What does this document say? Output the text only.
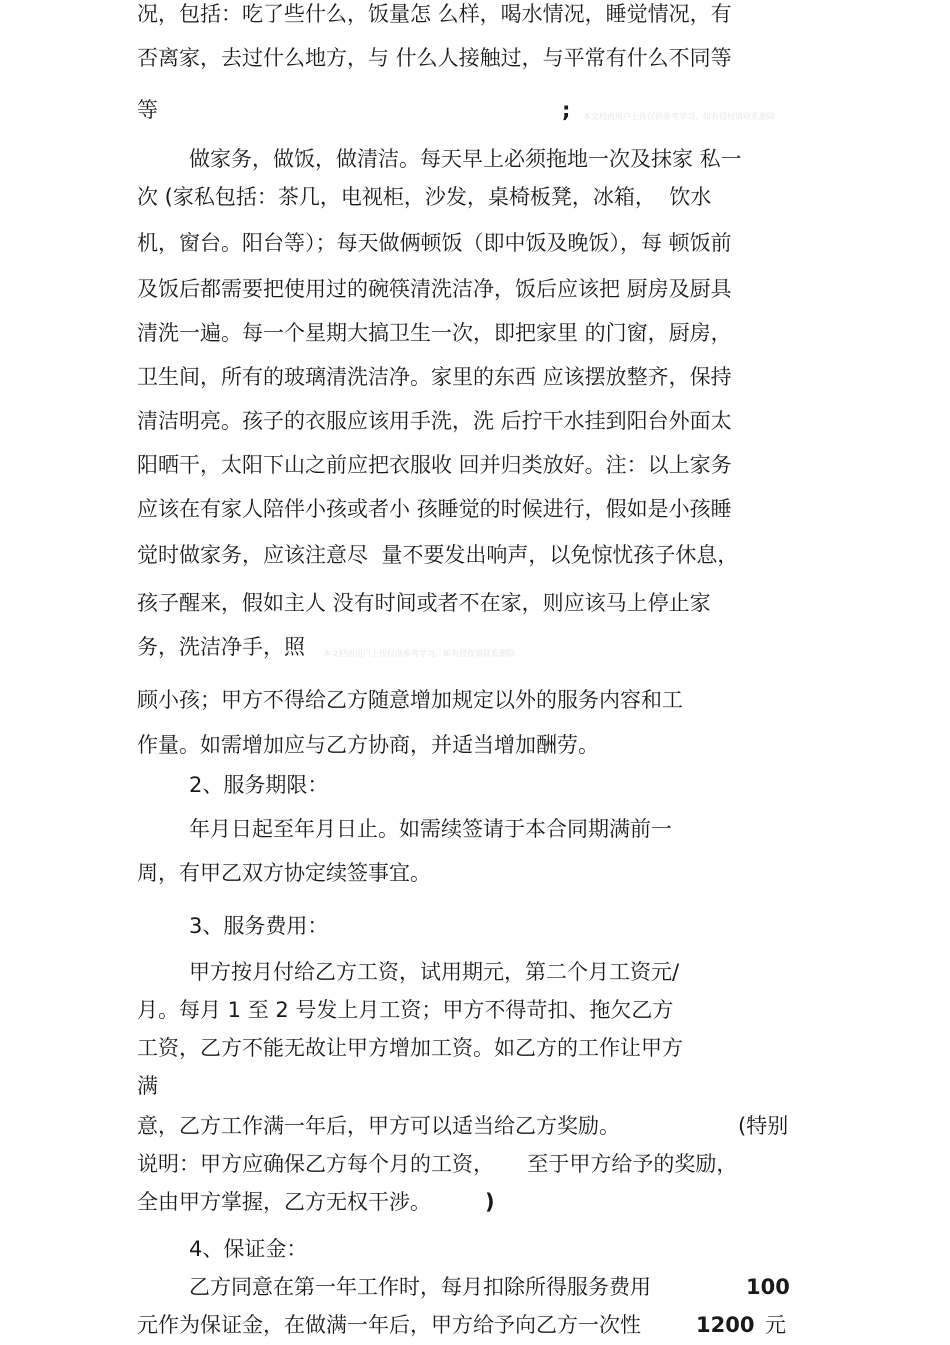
况，包括：吃了些什么，饭量怎 么样，喝水情况，睡觉情况，有
否离家，去过什么地方，与 什么人接触过，与平常有什么不同等
等	; 本文档由用户上传仅供参考学习，如有侵权请联系删除
做家务，做饭，做清洁。每天早上必须拖地一次及抹家 私一
次 (家私包括：茶几，电视柜，沙发，桌椅板凳，冰箱，  饮水
机，窗台。阳台等）；每天做俩顿饭（即中饭及晚饭），每 顿饭前
及饭后都需要把使用过的碗筷清洗洁净，饭后应该把 厨房及厨具
清洗一遍。每一个星期大搞卫生一次，即把家里 的门窗，厨房，
卫生间，所有的玻璃清洗洁净。家里的东西 应该摆放整齐，保持
清洁明亮。孩子的衣服应该用手洗，洗 后拧干水挂到阳台外面太
阳晒干，太阳下山之前应把衣服收 回并归类放好。注：以上家务
应该在有家人陪伴小孩或者小 孩睡觉的时候进行，假如是小孩睡
觉时做家务，应该注意尽  量不要发出响声，以免惊忧孩子休息，
孩子醒来，假如主人 没有时间或者不在家，则应该马上停止家
务，洗洁净手，照 本文档由用户上传仅供参考学习，如有侵权请联系删除
顾小孩；甲方不得给乙方随意增加规定以外的服务内容和工
作量。如需增加应与乙方协商，并适当增加酬劳。
2、服务期限：
年月日起至年月日止。如需续签请于本合同期满前一
周，有甲乙双方协定续签事宜。
3、服务费用：
甲方按月付给乙方工资，试用期元，第二个月工资元/
月。每月 1 至 2 号发上月工资；甲方不得苛扣、拖欠乙方
工资，乙方不能无故让甲方增加工资。如乙方的工作让甲方
满
意，乙方工作满一年后，甲方可以适当给乙方奖励。	(特别
说明：甲方应确保乙方每个月的工资，     至于甲方给予的奖励，
全由甲方掌握，乙方无权干涉。	)
4、保证金：
乙方同意在第一年工作时，每月扣除所得服务费用	100
元作为保证金，在做满一年后，甲方给予向乙方一次性	1200 元
